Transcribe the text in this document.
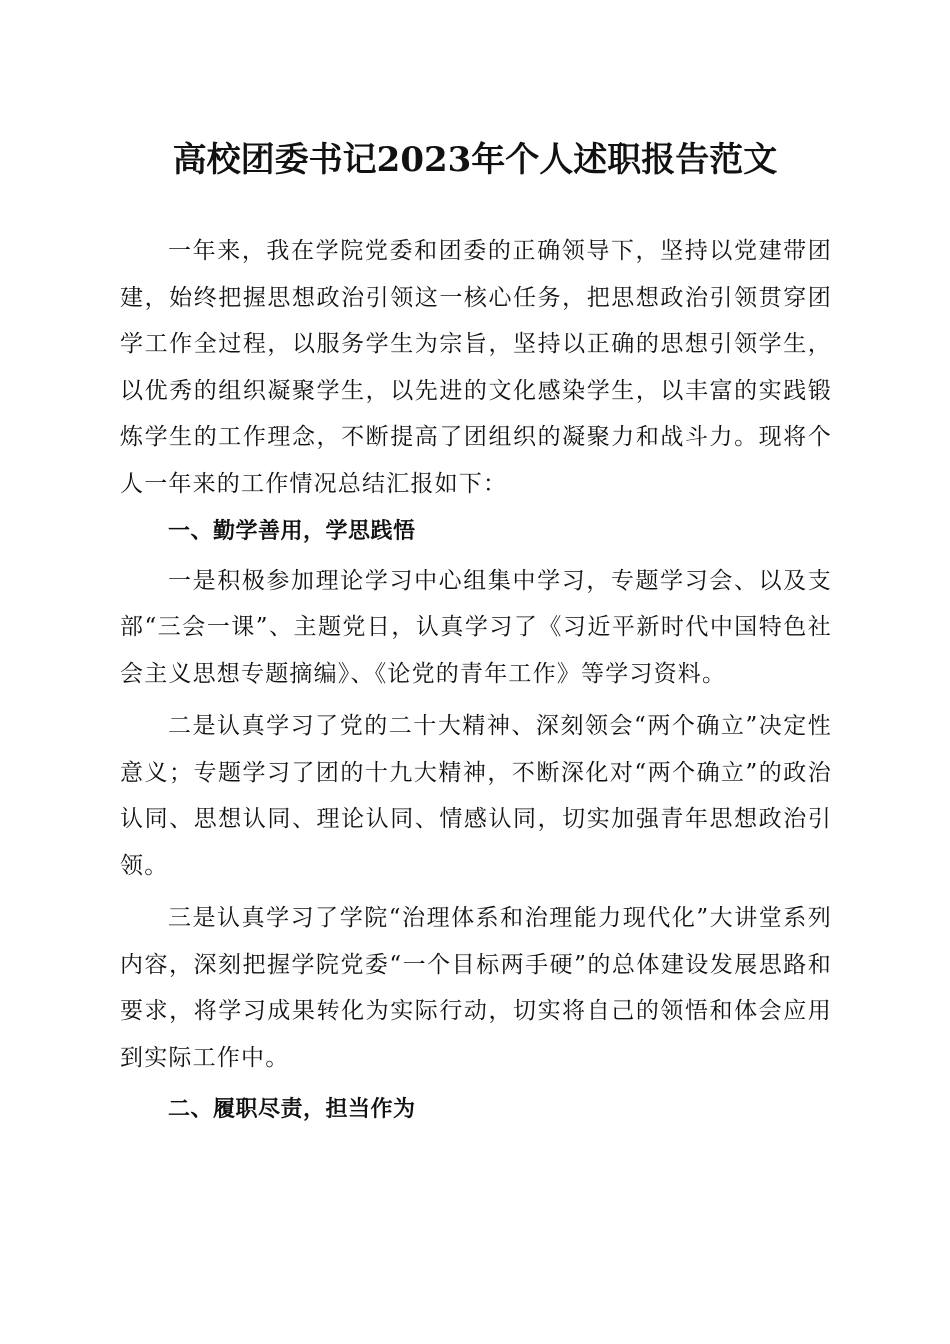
高校团委书记2023年个人述职报告范文

一年来，我在学院党委和团委的正确领导下，坚持以党建带团建，始终把握思想政治引领这一核心任务，把思想政治引领贯穿团学工作全过程，以服务学生为宗旨，坚持以正确的思想引领学生，以优秀的组织凝聚学生，以先进的文化感染学生，以丰富的实践锻炼学生的工作理念，不断提高了团组织的凝聚力和战斗力。现将个人一年来的工作情况总结汇报如下：

一、勤学善用，学思践悟

一是积极参加理论学习中心组集中学习，专题学习会、以及支部“三会一课”、主题党日，认真学习了《习近平新时代中国特色社会主义思想专题摘编》、《论党的青年工作》等学习资料。

二是认真学习了党的二十大精神、深刻领会“两个确立”决定性意义；专题学习了团的十九大精神，不断深化对“两个确立”的政治认同、思想认同、理论认同、情感认同，切实加强青年思想政治引领。

三是认真学习了学院“治理体系和治理能力现代化”大讲堂系列内容，深刻把握学院党委“一个目标两手硬”的总体建设发展思路和要求，将学习成果转化为实际行动，切实将自己的领悟和体会应用到实际工作中。

二、履职尽责，担当作为
